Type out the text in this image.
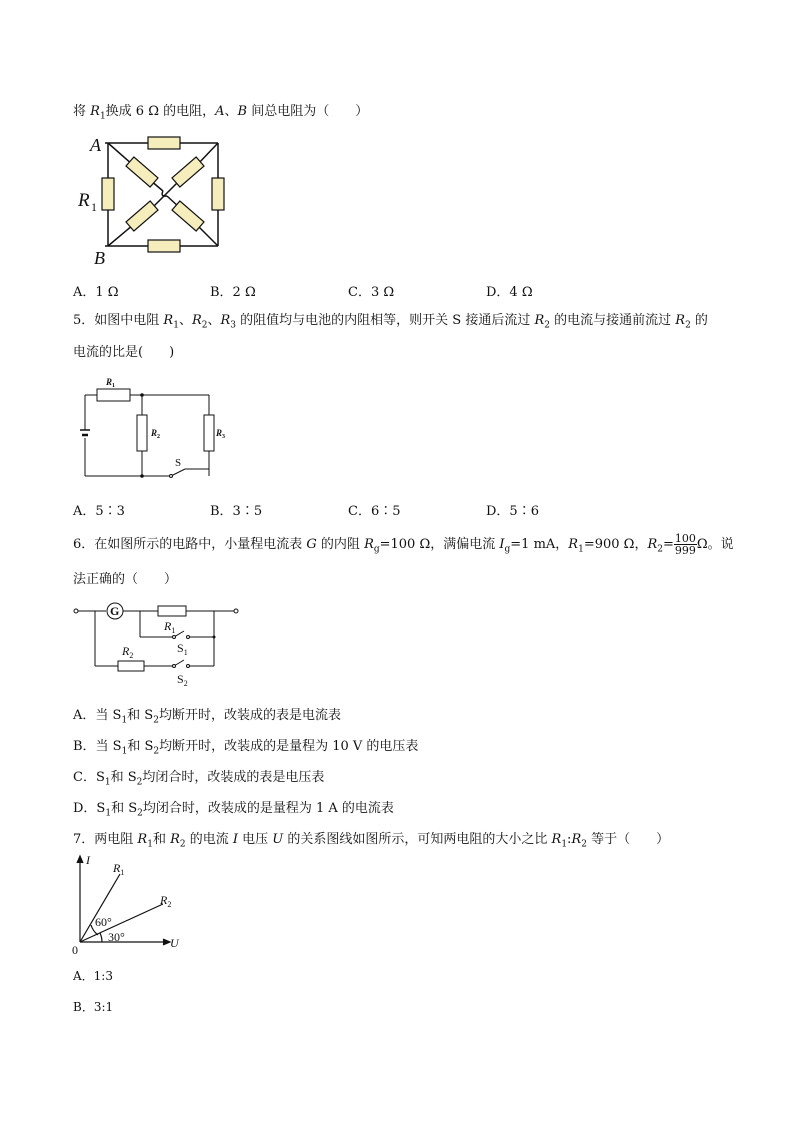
将 $R_1$换成 6 Ω 的电阻，A、B 间总电阻为（　　）
A
B
R 1
A．1 Ω	B．2 Ω	C．3 Ω	D．4 Ω
5．如图中电阻 $R_1$、$R_2$、$R_3$ 的阻值均与电池的内阻相等，则开关 S 接通后流过 $R_2$ 的电流与接通前流过 $R_2$ 的
电流的比是(　　)
$R_1$
$R_2$	$R_3$
S
A．5∶3	B．3∶5	C．6∶5	D．5∶6
6．在如图所示的电路中，小量程电流表 G 的内阻 $R_g=100$ Ω，满偏电流 $I_g=1$ mA，$R_1=900$ Ω，$R_2= \frac{100}{999}$ Ω。说
法正确的（　　）
G
$R_1$
$S_1$
$R_2$
$S_2$
A．当 $S_1$和 $S_2$均断开时，改装成的表是电流表
B．当 $S_1$和 $S_2$均断开时，改装成的是量程为 10 V 的电压表
C．$S_1$和 $S_2$均闭合时，改装成的表是电压表
D．$S_1$和 $S_2$均闭合时，改装成的是量程为 1 A 的电流表
7．两电阻 $R_1$和 $R_2$ 的电流 I 电压 U 的关系图线如图所示，可知两电阻的大小之比 $R_1:R_2$ 等于（　　）
I
U
0
$R_1$
$R_2$
60°
30°
A．1:3
B．3:1
